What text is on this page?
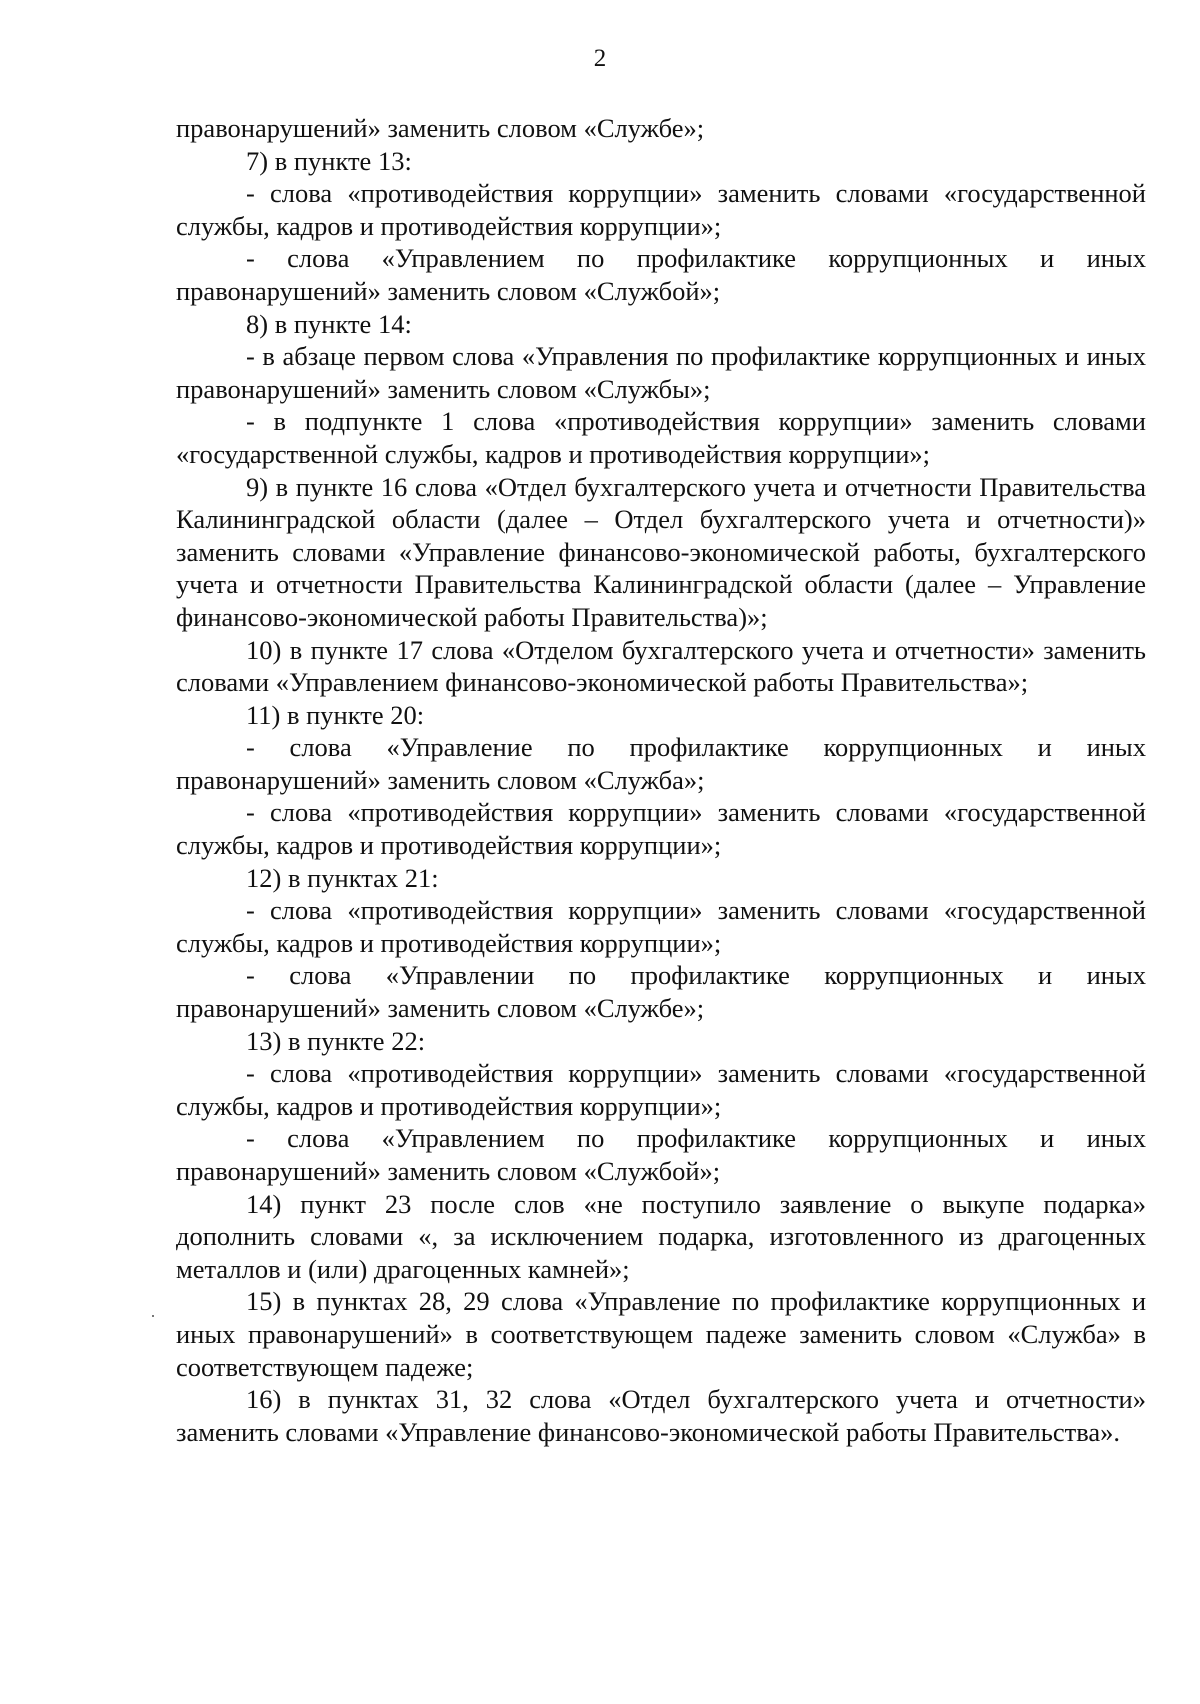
2

правонарушений» заменить словом «Службе»;

7) в пункте 13:

- слова «противодействия коррупции» заменить словами «государственной службы, кадров и противодействия коррупции»;

- слова «Управлением по профилактике коррупционных и иных правонарушений» заменить словом «Службой»;

8) в пункте 14:

- в абзаце первом слова «Управления по профилактике коррупционных и иных правонарушений» заменить словом «Службы»;

- в подпункте 1 слова «противодействия коррупции» заменить словами «государственной службы, кадров и противодействия коррупции»;

9) в пункте 16 слова «Отдел бухгалтерского учета и отчетности Правительства Калининградской области (далее – Отдел бухгалтерского учета и отчетности)» заменить словами «Управление финансово-экономической работы, бухгалтерского учета и отчетности Правительства Калининградской области (далее – Управление финансово-экономической работы Правительства)»;

10) в пункте 17 слова «Отделом бухгалтерского учета и отчетности» заменить словами «Управлением финансово-экономической работы Правительства»;

11) в пункте 20:

- слова «Управление по профилактике коррупционных и иных правонарушений» заменить словом «Служба»;

- слова «противодействия коррупции» заменить словами «государственной службы, кадров и противодействия коррупции»;

12) в пунктах 21:

- слова «противодействия коррупции» заменить словами «государственной службы, кадров и противодействия коррупции»;

- слова «Управлении по профилактике коррупционных и иных правонарушений» заменить словом «Службе»;

13) в пункте 22:

- слова «противодействия коррупции» заменить словами «государственной службы, кадров и противодействия коррупции»;

- слова «Управлением по профилактике коррупционных и иных правонарушений» заменить словом «Службой»;

14) пункт 23 после слов «не поступило заявление о выкупе подарка» дополнить словами «, за исключением подарка, изготовленного из драгоценных металлов и (или) драгоценных камней»;

15) в пунктах 28, 29 слова «Управление по профилактике коррупционных и иных правонарушений» в соответствующем падеже заменить словом «Служба» в соответствующем падеже;

16) в пунктах 31, 32 слова «Отдел бухгалтерского учета и отчетности» заменить словами «Управление финансово-экономической работы Правительства».
